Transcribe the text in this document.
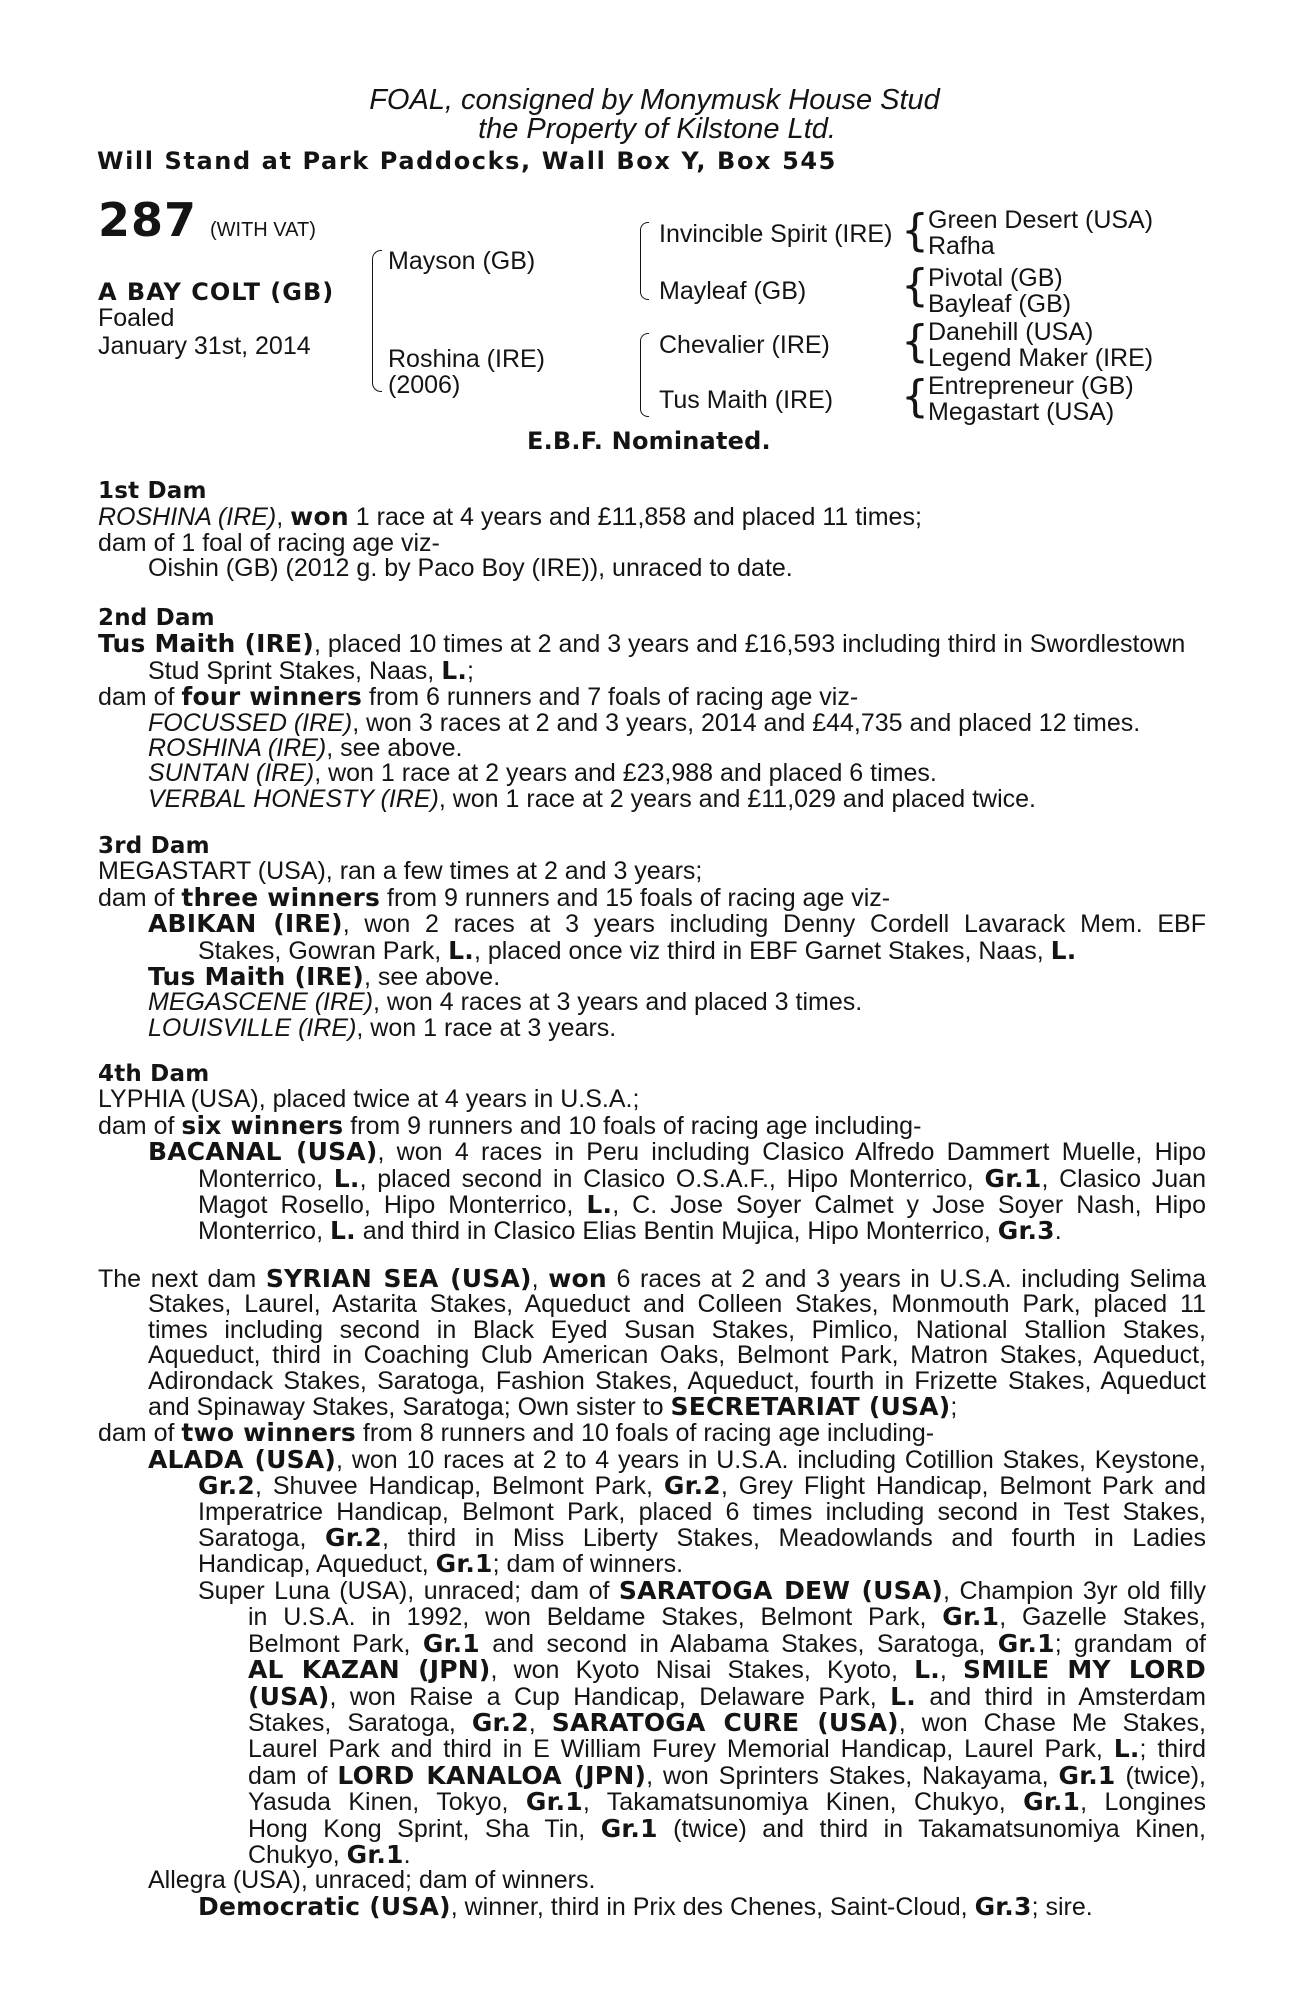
FOAL, consigned by Monymusk House Stud
the Property of Kilstone Ltd.
Will Stand at Park Paddocks, Wall Box Y, Box 545
287 (WITH VAT)
A BAY COLT (GB)
Foaled
January 31st, 2014
Mayson (GB)
Roshina (IRE)
(2006)
Invincible Spirit (IRE)
Mayleaf (GB)
Chevalier (IRE)
Tus Maith (IRE)
{
{
{
{
Green Desert (USA)
Rafha
Pivotal (GB)
Bayleaf (GB)
Danehill (USA)
Legend Maker (IRE)
Entrepreneur (GB)
Megastart (USA)
E.B.F. Nominated.
1st Dam
ROSHINA (IRE), won 1 race at 4 years and £11,858 and placed 11 times;
dam of 1 foal of racing age viz-
Oishin (GB) (2012 g. by Paco Boy (IRE)), unraced to date.
2nd Dam
Tus Maith (IRE), placed 10 times at 2 and 3 years and £16,593 including third in Swordlestown
Stud Sprint Stakes, Naas, L.;
dam of four winners from 6 runners and 7 foals of racing age viz-
FOCUSSED (IRE), won 3 races at 2 and 3 years, 2014 and £44,735 and placed 12 times.
ROSHINA (IRE), see above.
SUNTAN (IRE), won 1 race at 2 years and £23,988 and placed 6 times.
VERBAL HONESTY (IRE), won 1 race at 2 years and £11,029 and placed twice.
3rd Dam
MEGASTART (USA), ran a few times at 2 and 3 years;
dam of three winners from 9 runners and 15 foals of racing age viz-
ABIKAN (IRE), won 2 races at 3 years including Denny Cordell Lavarack Mem. EBF
Stakes, Gowran Park, L., placed once viz third in EBF Garnet Stakes, Naas, L.
Tus Maith (IRE), see above.
MEGASCENE (IRE), won 4 races at 3 years and placed 3 times.
LOUISVILLE (IRE), won 1 race at 3 years.
4th Dam
LYPHIA (USA), placed twice at 4 years in U.S.A.;
dam of six winners from 9 runners and 10 foals of racing age including-
BACANAL (USA), won 4 races in Peru including Clasico Alfredo Dammert Muelle, Hipo
Monterrico, L., placed second in Clasico O.S.A.F., Hipo Monterrico, Gr.1, Clasico Juan
Magot Rosello, Hipo Monterrico, L., C. Jose Soyer Calmet y Jose Soyer Nash, Hipo
Monterrico, L. and third in Clasico Elias Bentin Mujica, Hipo Monterrico, Gr.3.
The next dam SYRIAN SEA (USA), won 6 races at 2 and 3 years in U.S.A. including Selima
Stakes, Laurel, Astarita Stakes, Aqueduct and Colleen Stakes, Monmouth Park, placed 11
times including second in Black Eyed Susan Stakes, Pimlico, National Stallion Stakes,
Aqueduct, third in Coaching Club American Oaks, Belmont Park, Matron Stakes, Aqueduct,
Adirondack Stakes, Saratoga, Fashion Stakes, Aqueduct, fourth in Frizette Stakes, Aqueduct
and Spinaway Stakes, Saratoga; Own sister to SECRETARIAT (USA);
dam of two winners from 8 runners and 10 foals of racing age including-
ALADA (USA), won 10 races at 2 to 4 years in U.S.A. including Cotillion Stakes, Keystone,
Gr.2, Shuvee Handicap, Belmont Park, Gr.2, Grey Flight Handicap, Belmont Park and
Imperatrice Handicap, Belmont Park, placed 6 times including second in Test Stakes,
Saratoga, Gr.2, third in Miss Liberty Stakes, Meadowlands and fourth in Ladies
Handicap, Aqueduct, Gr.1; dam of winners.
Super Luna (USA), unraced; dam of SARATOGA DEW (USA), Champion 3yr old filly
in U.S.A. in 1992, won Beldame Stakes, Belmont Park, Gr.1, Gazelle Stakes,
Belmont Park, Gr.1 and second in Alabama Stakes, Saratoga, Gr.1; grandam of
AL KAZAN (JPN), won Kyoto Nisai Stakes, Kyoto, L., SMILE MY LORD
(USA), won Raise a Cup Handicap, Delaware Park, L. and third in Amsterdam
Stakes, Saratoga, Gr.2, SARATOGA CURE (USA), won Chase Me Stakes,
Laurel Park and third in E William Furey Memorial Handicap, Laurel Park, L.; third
dam of LORD KANALOA (JPN), won Sprinters Stakes, Nakayama, Gr.1 (twice),
Yasuda Kinen, Tokyo, Gr.1, Takamatsunomiya Kinen, Chukyo, Gr.1, Longines
Hong Kong Sprint, Sha Tin, Gr.1 (twice) and third in Takamatsunomiya Kinen,
Chukyo, Gr.1.
Allegra (USA), unraced; dam of winners.
Democratic (USA), winner, third in Prix des Chenes, Saint-Cloud, Gr.3; sire.
